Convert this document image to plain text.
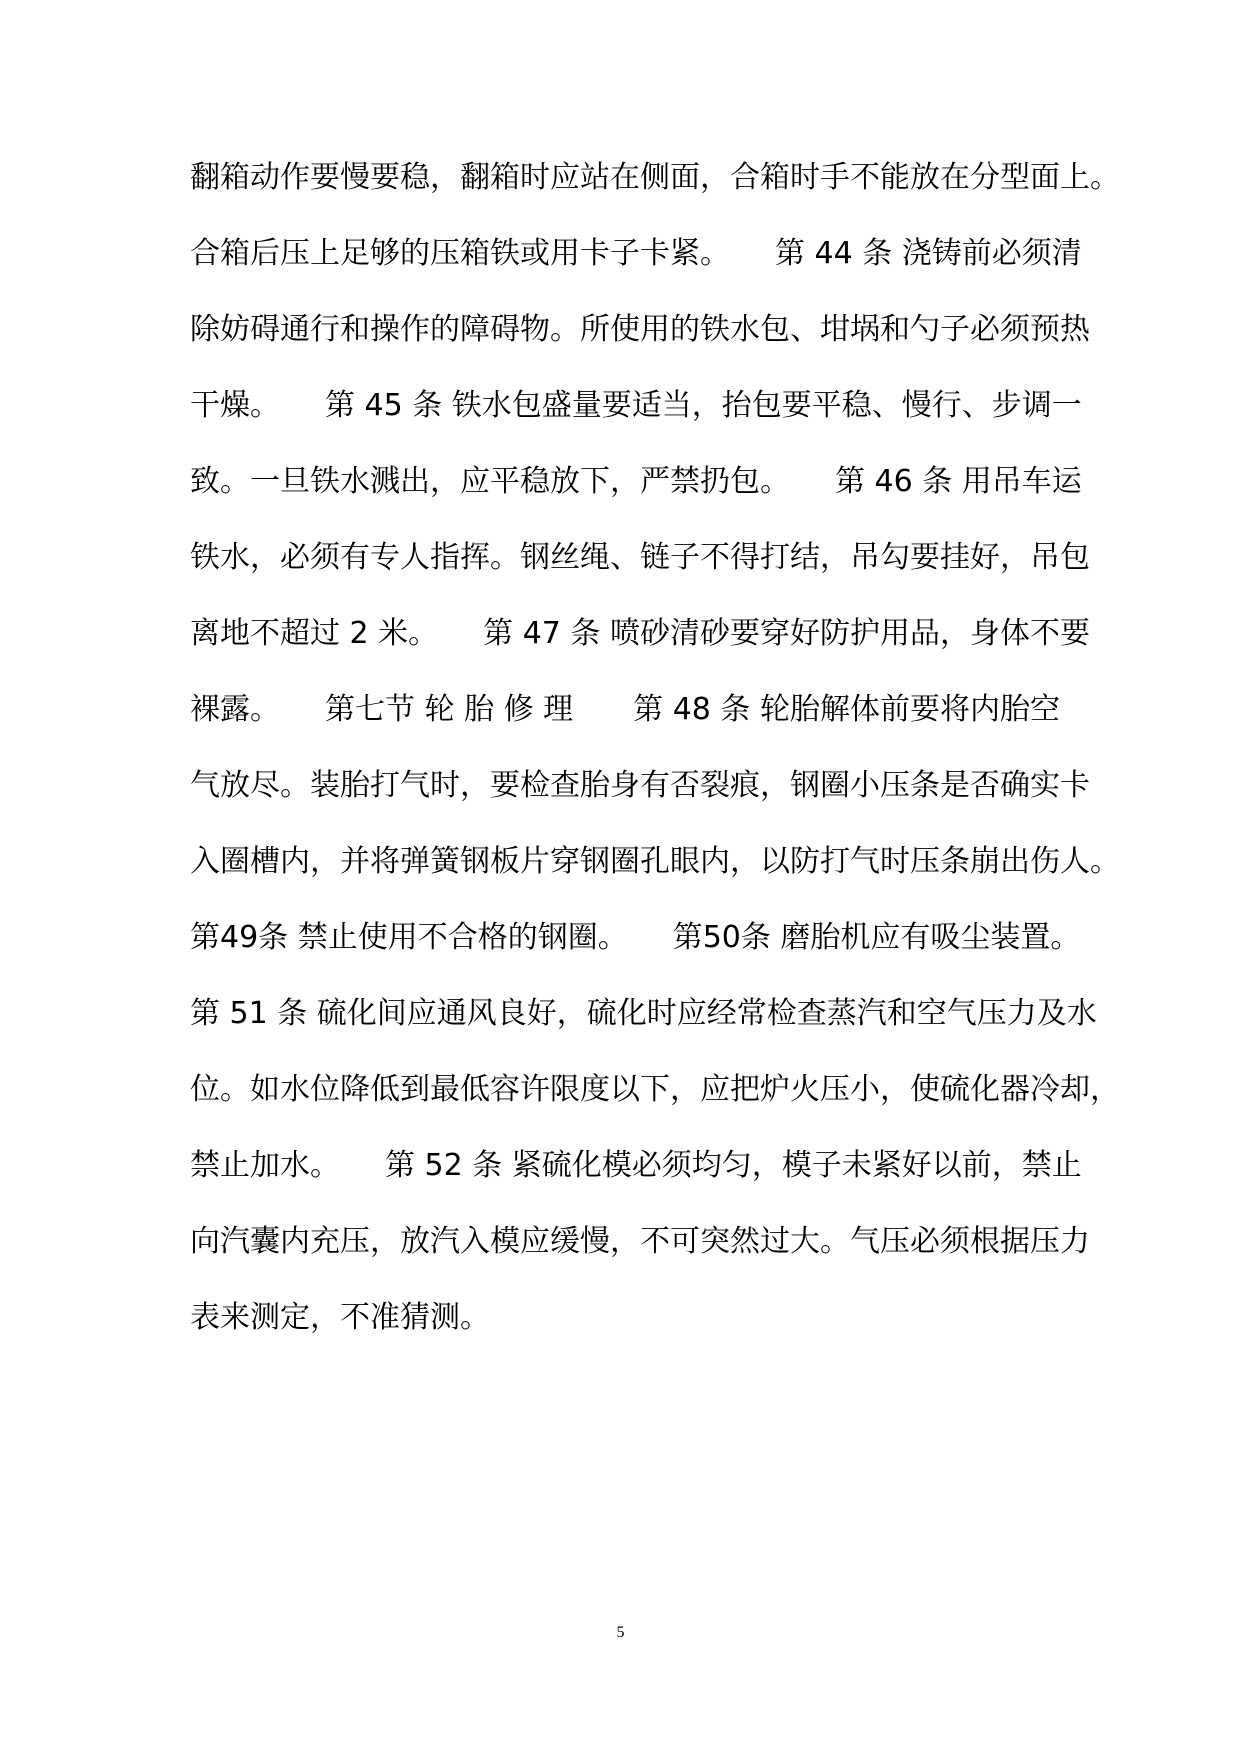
翻箱动作要慢要稳，翻箱时应站在侧面，合箱时手不能放在分型面上。
合箱后压上足够的压箱铁或用卡子卡紧。　　第 44 条 浇铸前必须清
除妨碍通行和操作的障碍物。所使用的铁水包、坩埚和勺子必须预热
干燥。　　第 45 条 铁水包盛量要适当，抬包要平稳、慢行、步调一
致。一旦铁水溅出，应平稳放下，严禁扔包。　　第 46 条 用吊车运
铁水，必须有专人指挥。钢丝绳、链子不得打结，吊勾要挂好，吊包
离地不超过 2 米。　　第 47 条 喷砂清砂要穿好防护用品，身体不要
裸露。　　第七节 轮 胎 修 理　　第 48 条 轮胎解体前要将内胎空
气放尽。装胎打气时，要检查胎身有否裂痕，钢圈小压条是否确实卡
入圈槽内，并将弹簧钢板片穿钢圈孔眼内，以防打气时压条崩出伤人。
第49条 禁止使用不合格的钢圈。　　第50条 磨胎机应有吸尘装置。
第 51 条 硫化间应通风良好，硫化时应经常检查蒸汽和空气压力及水
位。如水位降低到最低容许限度以下，应把炉火压小，使硫化器冷却，
禁止加水。　　第 52 条 紧硫化模必须均匀，模子未紧好以前，禁止
向汽囊内充压，放汽入模应缓慢，不可突然过大。气压必须根据压力
表来测定，不准猜测。
5
